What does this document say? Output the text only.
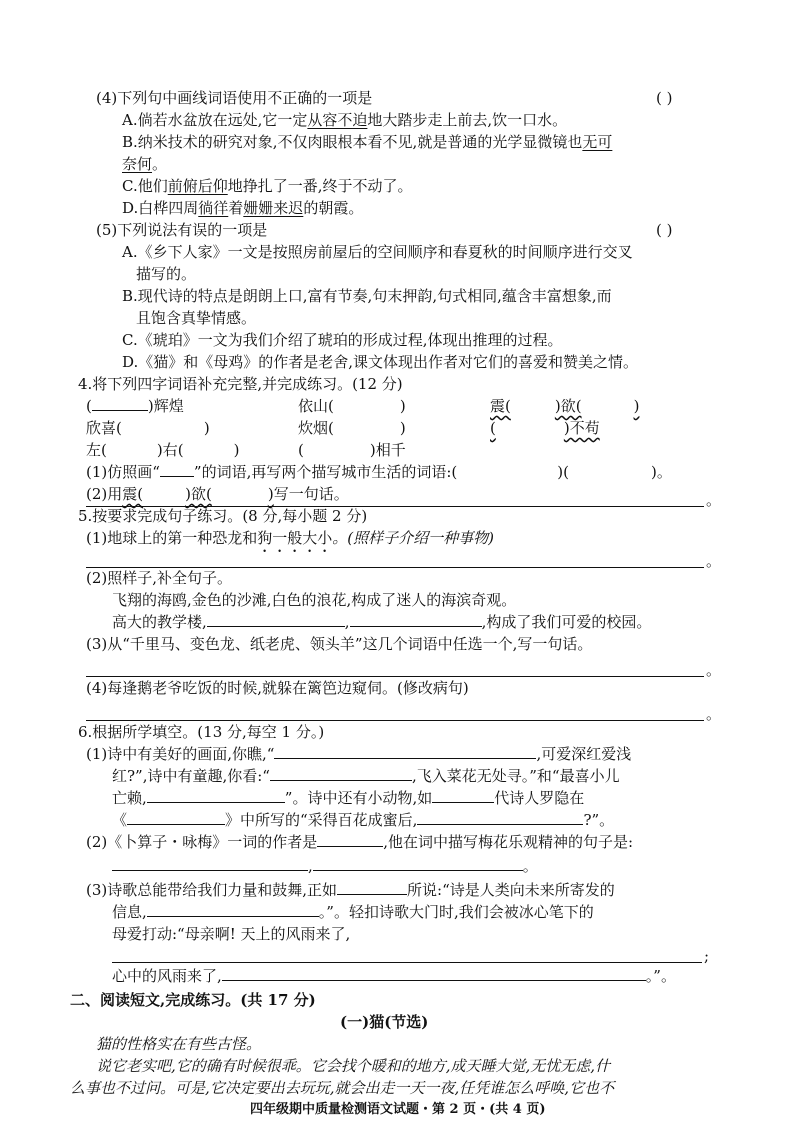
(4)下列句中画线词语使用不正确的一项是	( )
A.倘若水盆放在远处,它一定从容不迫地大踏步走上前去,饮一口水。
B.纳米技术的研究对象,不仅肉眼根本看不见,就是普通的光学显微镜也无可
奈何。
C.他们前俯后仰地挣扎了一番,终于不动了。
D.白桦四周徜徉着姗姗来迟的朝霞。
(5)下列说法有误的一项是	( )
A.《乡下人家》一文是按照房前屋后的空间顺序和春夏秋的时间顺序进行交叉
描写的。
B.现代诗的特点是朗朗上口,富有节奏,句末押韵,句式相同,蕴含丰富想象,而
且饱含真挚情感。
C.《琥珀》一文为我们介绍了琥珀的形成过程,体现出推理的过程。
D.《猫》和《母鸡》的作者是老舍,课文体现出作者对它们的喜爱和赞美之情。
4.将下列四字词语补充完整,并完成练习。(12 分)
(	)辉煌	依山(	)	震(	)欲(	)
欣喜(	)	炊烟(	)	(	)不苟
左(	)右(	)	(	)相千
(1)仿照画“ ”的词语,再写两个描写城市生活的词语:(	)(	)。
(2)用震(	)欲(	)写一句话。	。
5.按要求完成句子练习。(8 分,每小题 2 分)
(1)地球上的第一种恐龙和狗一般大小。(照样子介绍一种事物)
。
(2)照样子,补全句子。
飞翔的海鸥,金色的沙滩,白色的浪花,构成了迷人的海滨奇观。
高大的教学楼,	,	,构成了我们可爱的校园。
(3)从“千里马、变色龙、纸老虎、领头羊”这几个词语中任选一个,写一句话。
。
(4)每逢鹅老爷吃饭的时候,就躲在篱笆边窥伺。(修改病句)
。
6.根据所学填空。(13 分,每空 1 分。)
(1)诗中有美好的画面,你瞧,“	,可爱深红爱浅
红?”,诗中有童趣,你看:“	,飞入菜花无处寻。”和“最喜小儿
亡赖,	”。诗中还有小动物,如	代诗人罗隐在
《	》中所写的“采得百花成蜜后,	?”。
(2)《卜算子・咏梅》一词的作者是	,他在词中描写梅花乐观精神的句子是:
,	。
(3)诗歌总能带给我们力量和鼓舞,正如	所说:“诗是人类向未来所寄发的
信息,	。”。轻扣诗歌大门时,我们会被冰心笔下的
母爱打动:“母亲啊! 天上的风雨来了,
;
心中的风雨来了,	。”。
二、阅读短文,完成练习。(共 17 分)
(一)猫(节选)
猫的性格实在有些古怪。
说它老实吧,它的确有时候很乖。它会找个暖和的地方,成天睡大觉,无忧无虑,什
么事也不过问。可是,它决定要出去玩玩,就会出走一天一夜,任凭谁怎么呼唤,它也不
四年级期中质量检测语文试题・第 2 页・(共 4 页)
